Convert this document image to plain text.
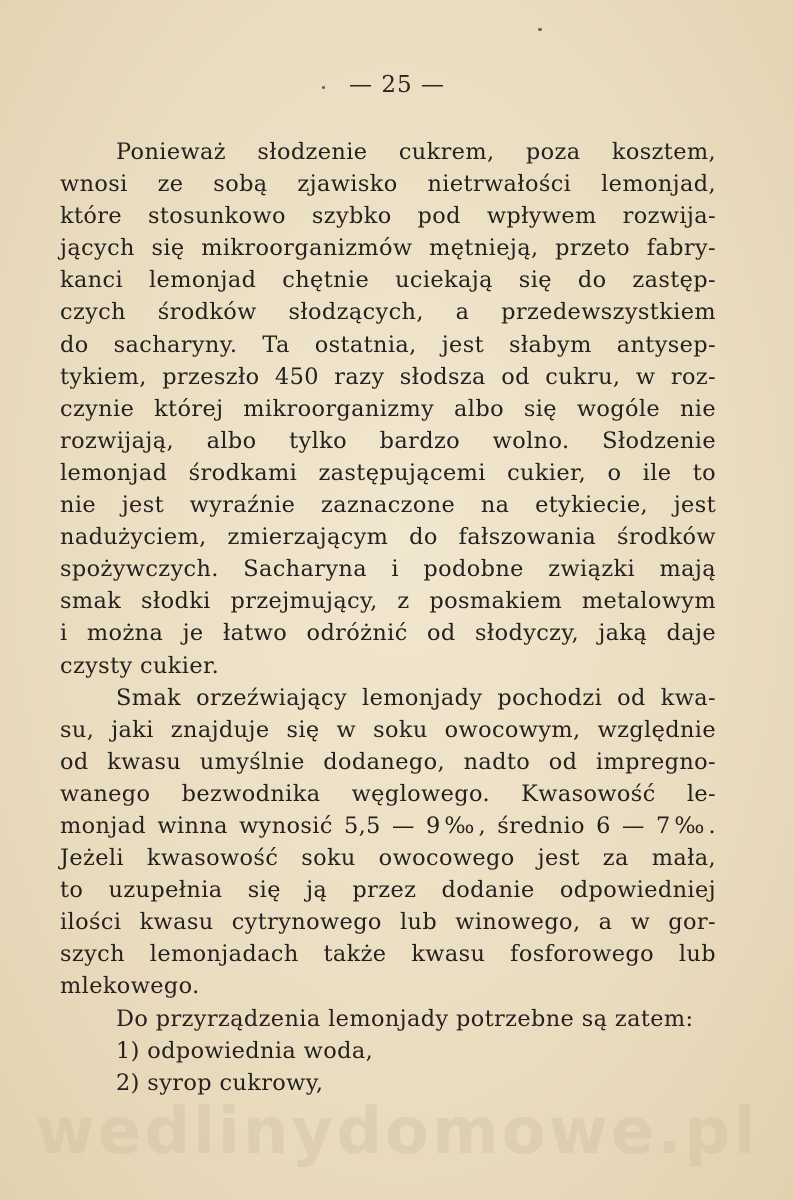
— 25 —

Ponieważ słodzenie cukrem, poza kosztem,
wnosi ze sobą zjawisko nietrwałości lemonjad,
które stosunkowo szybko pod wpływem rozwija-
jących się mikroorganizmów mętnieją, przeto fabry-
kanci lemonjad chętnie uciekają się do zastęp-
czych środków słodzących, a przedewszystkiem
do sacharyny. Ta ostatnia, jest słabym antysep-
tykiem, przeszło 450 razy słodsza od cukru, w roz-
czynie której mikroorganizmy albo się wogóle nie
rozwijają, albo tylko bardzo wolno. Słodzenie
lemonjad środkami zastępującemi cukier, o ile to
nie jest wyraźnie zaznaczone na etykiecie, jest
nadużyciem, zmierzającym do fałszowania środków
spożywczych. Sacharyna i podobne związki mają
smak słodki przejmujący, z posmakiem metalowym
i można je łatwo odróżnić od słodyczy, jaką daje
czysty cukier.

Smak orzeźwiający lemonjady pochodzi od kwa-
su, jaki znajduje się w soku owocowym, względnie
od kwasu umyślnie dodanego, nadto od impregno-
wanego bezwodnika węglowego. Kwasowość le-
monjad winna wynosić 5,5 — 9‰, średnio 6 — 7‰.
Jeżeli kwasowość soku owocowego jest za mała,
to uzupełnia się ją przez dodanie odpowiedniej
ilości kwasu cytrynowego lub winowego, a w gor-
szych lemonjadach także kwasu fosforowego lub
mlekowego.

Do przyrządzenia lemonjady potrzebne są zatem:

1) odpowiednia woda,

2) syrop cukrowy,

wedlinydomowe.pl
